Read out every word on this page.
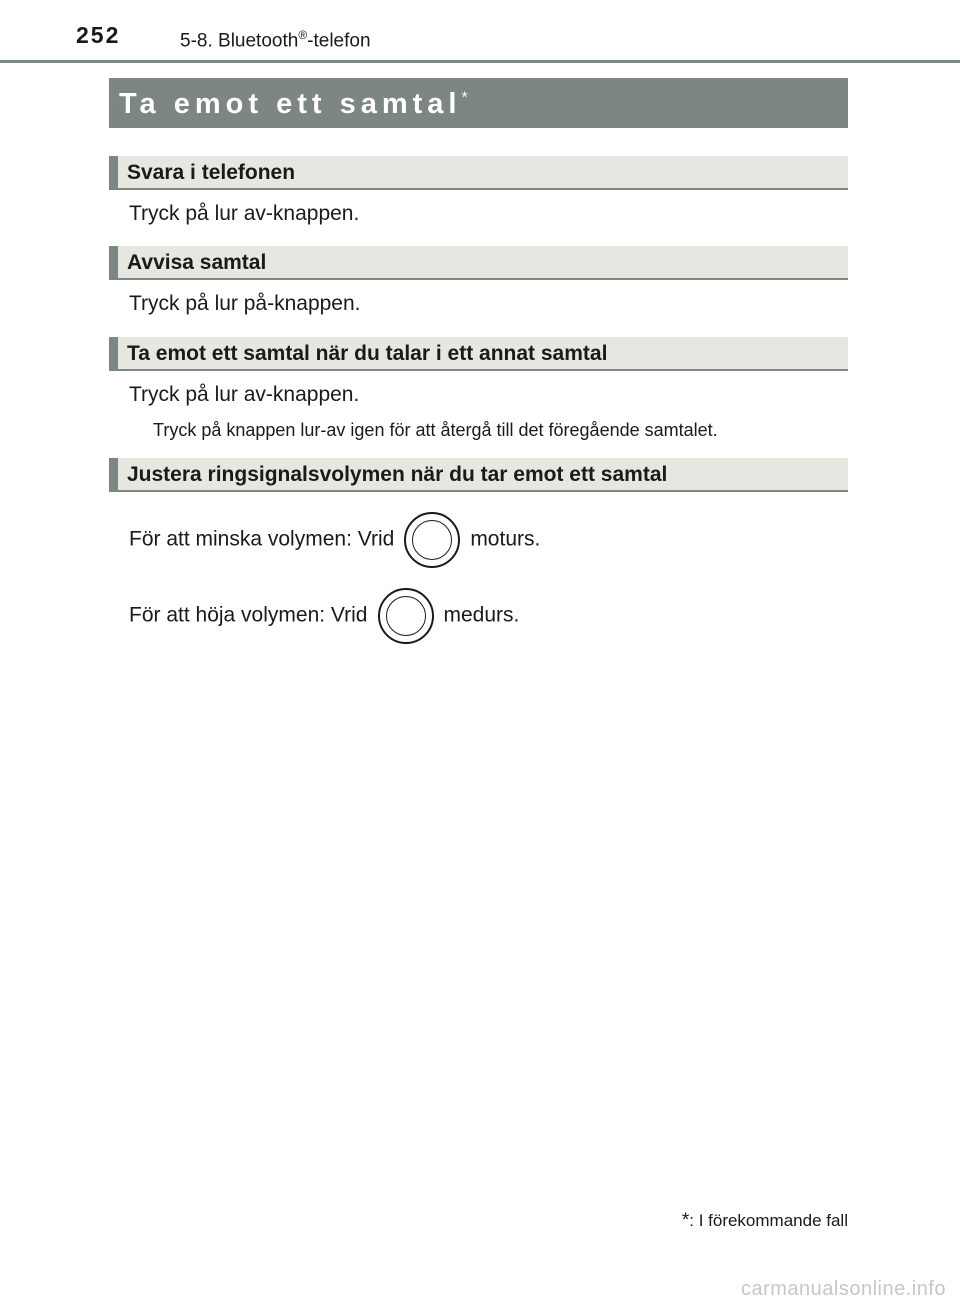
252	5-8. Bluetooth®-telefon
Ta emot ett samtal*
Svara i telefonen
Tryck på lur av-knappen.
Avvisa samtal
Tryck på lur på-knappen.
Ta emot ett samtal när du talar i ett annat samtal
Tryck på lur av-knappen.
Tryck på knappen lur-av igen för att återgå till det föregående samtalet.
Justera ringsignalsvolymen när du tar emot ett samtal
För att minska volymen: Vrid	moturs.
För att höja volymen: Vrid	medurs.
*: I förekommande fall
carmanualsonline.info
